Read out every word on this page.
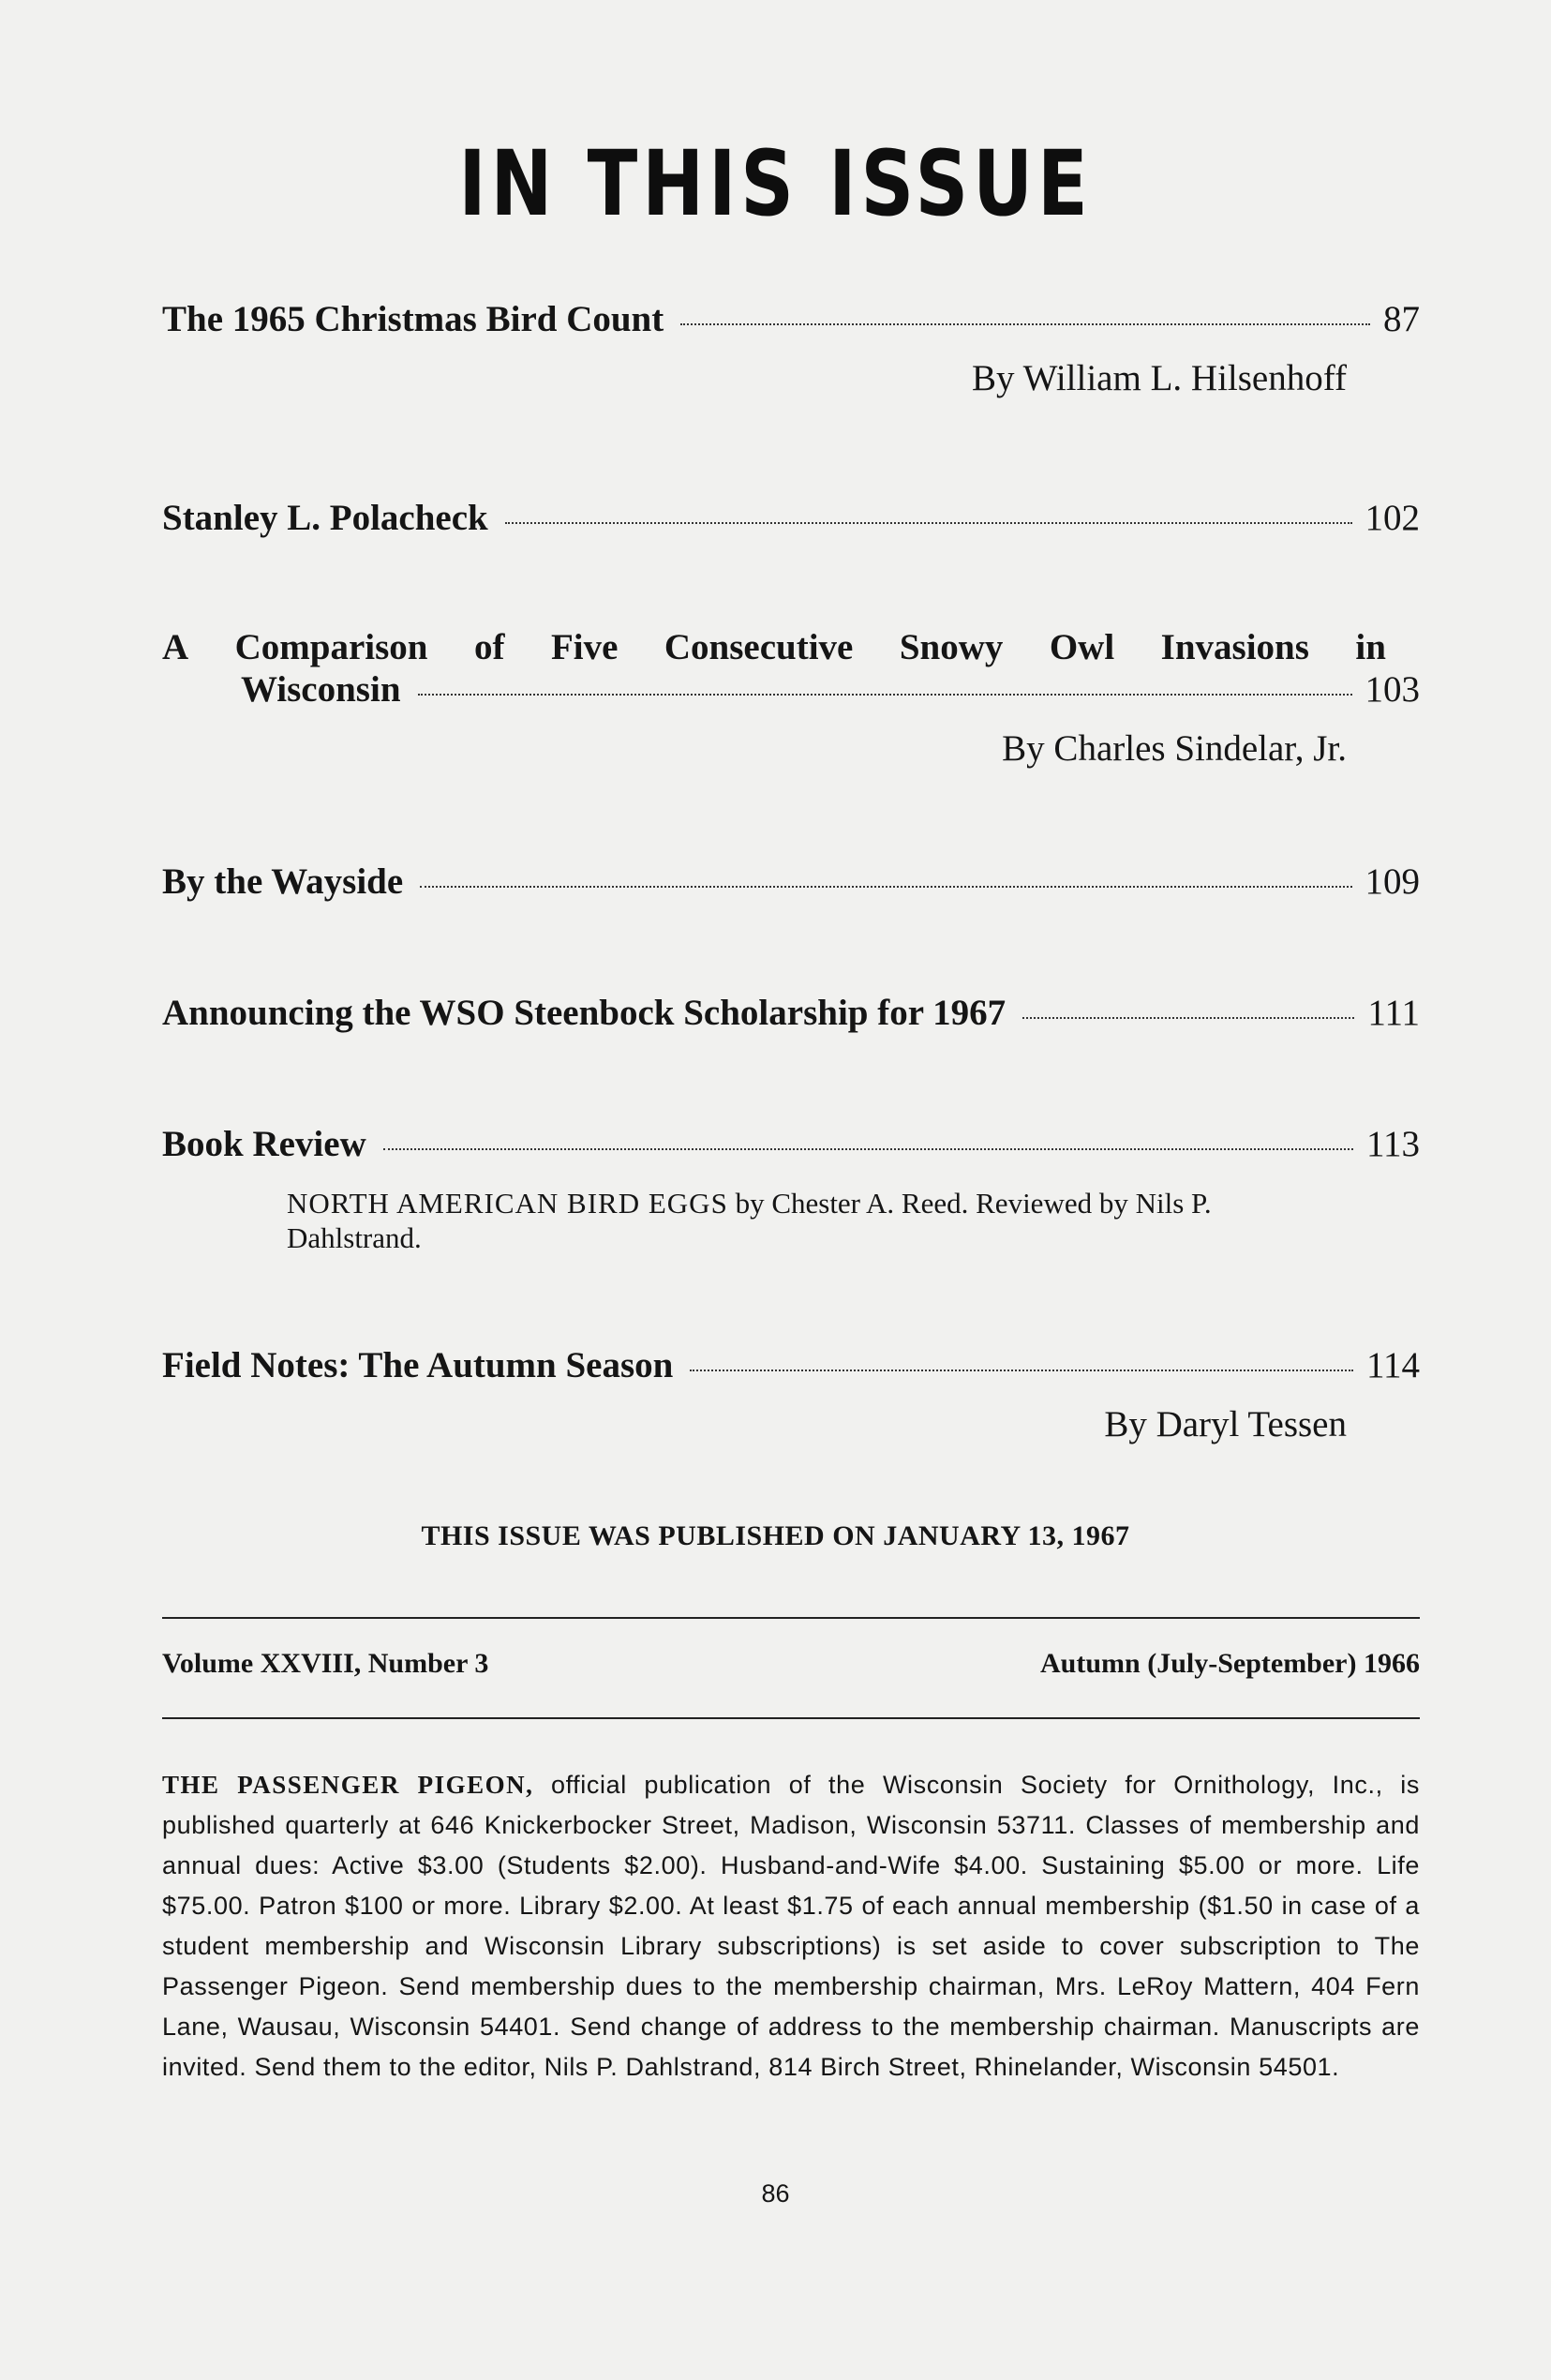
IN THIS ISSUE
The 1965 Christmas Bird Count	87
By William L. Hilsenhoff
Stanley L. Polacheck	102
A Comparison of Five Consecutive Snowy Owl Invasions in
Wisconsin	103
By Charles Sindelar, Jr.
By the Wayside	109
Announcing the WSO Steenbock Scholarship for 1967	111
Book Review	113
NORTH AMERICAN BIRD EGGS by Chester A. Reed. Reviewed by Nils P. Dahlstrand.
Field Notes: The Autumn Season	114
By Daryl Tessen
THIS ISSUE WAS PUBLISHED ON JANUARY 13, 1967
Volume XXVIII, Number 3	Autumn (July-September) 1966
THE PASSENGER PIGEON, official publication of the Wisconsin Society for Ornithology, Inc., is published quarterly at 646 Knickerbocker Street, Madison, Wisconsin 53711. Classes of membership and annual dues: Active $3.00 (Students $2.00). Husband-and-Wife $4.00. Sustaining $5.00 or more. Life $75.00. Patron $100 or more. Library $2.00. At least $1.75 of each annual membership ($1.50 in case of a student membership and Wisconsin Library subscriptions) is set aside to cover subscription to The Passenger Pigeon. Send membership dues to the membership chairman, Mrs. LeRoy Mattern, 404 Fern Lane, Wausau, Wisconsin 54401. Send change of address to the membership chairman. Manuscripts are invited. Send them to the editor, Nils P. Dahlstrand, 814 Birch Street, Rhinelander, Wisconsin 54501.
86
